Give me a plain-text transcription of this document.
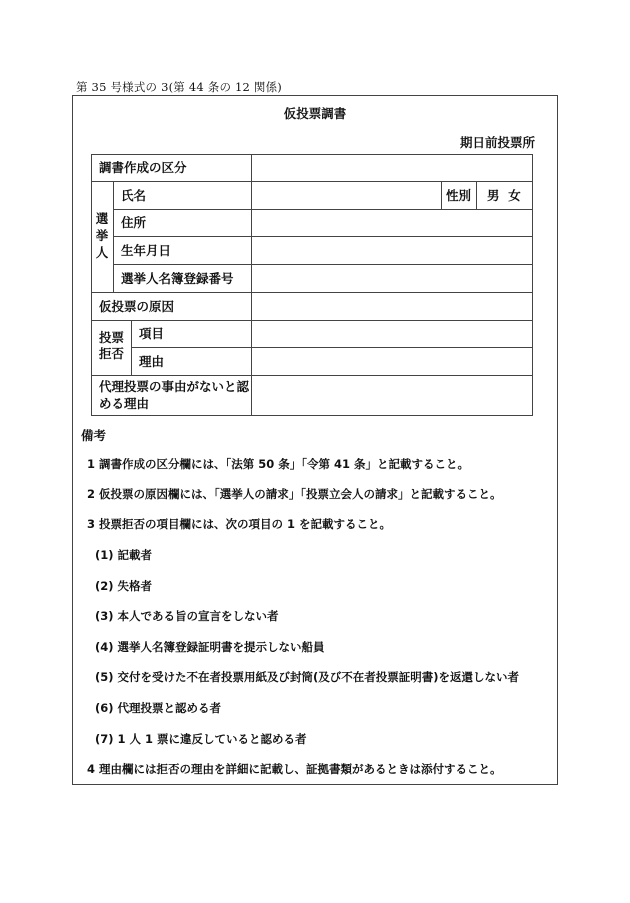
第 35 号様式の 3(第 44 条の 12 関係)
仮投票調書
期日前投票所
調書作成の区分
選挙人
氏名	性別 男  女
住所
生年月日
選挙人名簿登録番号
仮投票の原因
投票
拒否
項目
理由
代理投票の事由がないと認
める理由
備考
1 調書作成の区分欄には、「法第 50 条」「令第 41 条」と記載すること。
2 仮投票の原因欄には、「選挙人の請求」「投票立会人の請求」と記載すること。
3 投票拒否の項目欄には、次の項目の 1 を記載すること。
(1) 記載者
(2) 失格者
(3) 本人である旨の宣言をしない者
(4) 選挙人名簿登録証明書を提示しない船員
(5) 交付を受けた不在者投票用紙及び封筒(及び不在者投票証明書)を返還しない者
(6) 代理投票と認める者
(7) 1 人 1 票に違反していると認める者
4 理由欄には拒否の理由を詳細に記載し、証拠書類があるときは添付すること。
